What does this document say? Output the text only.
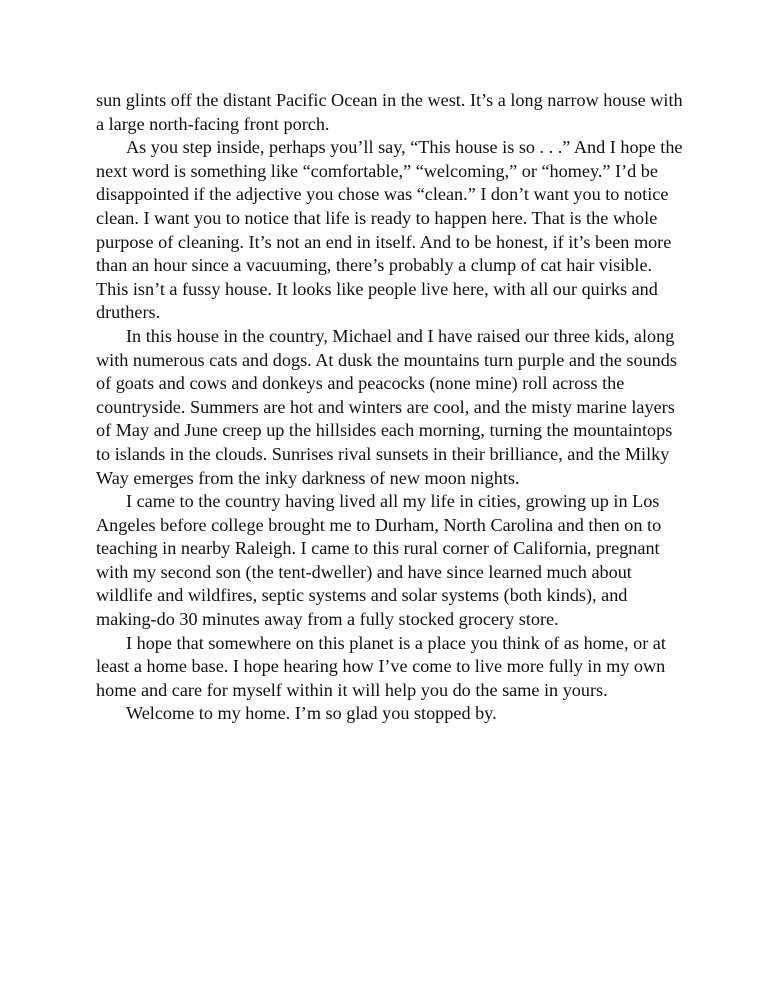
sun glints off the distant Pacific Ocean in the west. It’s a long narrow house with a large north-facing front porch.

As you step inside, perhaps you’ll say, “This house is so . . .” And I hope the next word is something like “comfortable,” “welcoming,” or “homey.” I’d be disappointed if the adjective you chose was “clean.” I don’t want you to notice clean. I want you to notice that life is ready to happen here. That is the whole purpose of cleaning. It’s not an end in itself. And to be honest, if it’s been more than an hour since a vacuuming, there’s probably a clump of cat hair visible. This isn’t a fussy house. It looks like people live here, with all our quirks and druthers.

In this house in the country, Michael and I have raised our three kids, along with numerous cats and dogs. At dusk the mountains turn purple and the sounds of goats and cows and donkeys and peacocks (none mine) roll across the countryside. Summers are hot and winters are cool, and the misty marine layers of May and June creep up the hillsides each morning, turning the mountaintops to islands in the clouds. Sunrises rival sunsets in their brilliance, and the Milky Way emerges from the inky darkness of new moon nights.

I came to the country having lived all my life in cities, growing up in Los Angeles before college brought me to Durham, North Carolina and then on to teaching in nearby Raleigh. I came to this rural corner of California, pregnant with my second son (the tent-dweller) and have since learned much about wildlife and wildfires, septic systems and solar systems (both kinds), and making-do 30 minutes away from a fully stocked grocery store.

I hope that somewhere on this planet is a place you think of as home, or at least a home base. I hope hearing how I’ve come to live more fully in my own home and care for myself within it will help you do the same in yours.

Welcome to my home. I’m so glad you stopped by.
